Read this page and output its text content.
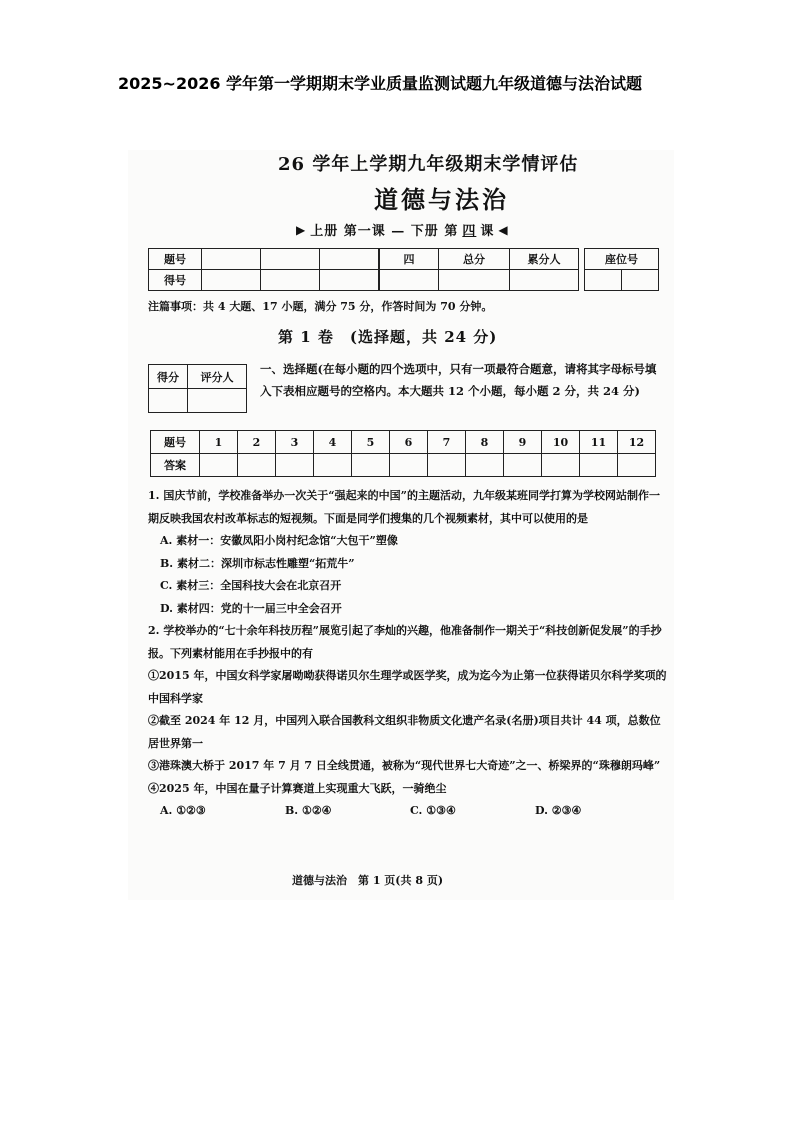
2025~2026 学年第一学期期末学业质量监测试题九年级道德与法治试题
26 学年上学期九年级期末学情评估
道德与法治
▶ 上册 第一课 — 下册 第 四 课 ◀
题号					四	总分	累分人
得号							
座位号

注篇事项：共 4 大题、17 小题，满分 75 分，作答时间为 70 分钟。
第 1 卷　(选择题，共 24 分)
得分	评分人

一、选择题(在每小题的四个选项中，只有一项最符合题意，请将其字母标号填入下表相应题号的空格内。本大题共 12 个小题，每小题 2 分，共 24 分)
题号	1	2	3	4	5	6	7	8	9	10	11	12
答案												

1. 国庆节前，学校准备举办一次关于“强起来的中国”的主题活动，九年级某班同学打算为学校网站制作一期反映我国农村改革标志的短视频。下面是同学们搜集的几个视频素材，其中可以使用的是

A. 素材一：安徽凤阳小岗村纪念馆“大包干”塑像

B. 素材二：深圳市标志性雕塑“拓荒牛”

C. 素材三：全国科技大会在北京召开

D. 素材四：党的十一届三中全会召开

2. 学校举办的“七十余年科技历程”展览引起了李灿的兴趣，他准备制作一期关于“科技创新促发展”的手抄报。下列素材能用在手抄报中的有

①2015 年，中国女科学家屠呦呦获得诺贝尔生理学或医学奖，成为迄今为止第一位获得诺贝尔科学奖项的中国科学家

②截至 2024 年 12 月，中国列入联合国教科文组织非物质文化遗产名录(名册)项目共计 44 项，总数位居世界第一

③港珠澳大桥于 2017 年 7 月 7 日全线贯通，被称为“现代世界七大奇迹”之一、桥梁界的“珠穆朗玛峰”

④2025 年，中国在量子计算赛道上实现重大飞跃，一骑绝尘

A. ①②③	B. ①②④	C. ①③④	D. ②③④
道德与法治　第 1 页(共 8 页)
